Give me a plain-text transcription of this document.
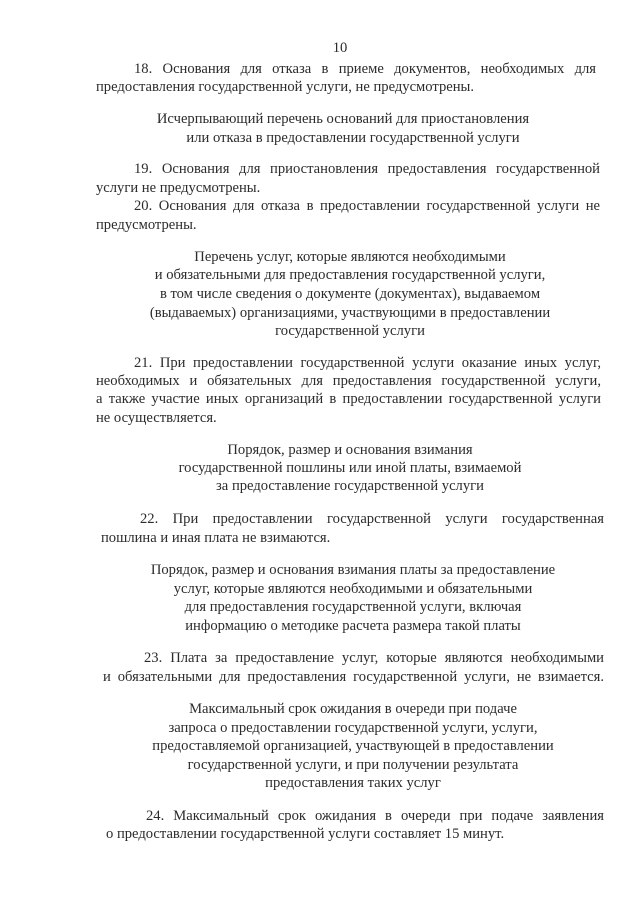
10
18. Основания для отказа в приеме документов, необходимых для
предоставления государственной услуги, не предусмотрены.
Исчерпывающий перечень оснований для приостановления
или отказа в предоставлении государственной услуги
19. Основания для приостановления предоставления государственной
услуги не предусмотрены.
20. Основания для отказа в предоставлении государственной услуги не
предусмотрены.
Перечень услуг, которые являются необходимыми
и обязательными для предоставления государственной услуги,
в том числе сведения о документе (документах), выдаваемом
(выдаваемых) организациями, участвующими в предоставлении
государственной услуги
21. При предоставлении государственной услуги оказание иных услуг,
необходимых и обязательных для предоставления государственной услуги,
а также участие иных организаций в предоставлении государственной услуги
не осуществляется.
Порядок, размер и основания взимания
государственной пошлины или иной платы, взимаемой
за предоставление государственной услуги
22. При предоставлении государственной услуги государственная
пошлина и иная плата не взимаются.
Порядок, размер и основания взимания платы за предоставление
услуг, которые являются необходимыми и обязательными
для предоставления государственной услуги, включая
информацию о методике расчета размера такой платы
23. Плата за предоставление услуг, которые являются необходимыми
и обязательными для предоставления государственной услуги, не взимается.
Максимальный срок ожидания в очереди при подаче
запроса о предоставлении государственной услуги, услуги,
предоставляемой организацией, участвующей в предоставлении
государственной услуги, и при получении результата
предоставления таких услуг
24. Максимальный срок ожидания в очереди при подаче заявления
о предоставлении государственной услуги составляет 15 минут.
